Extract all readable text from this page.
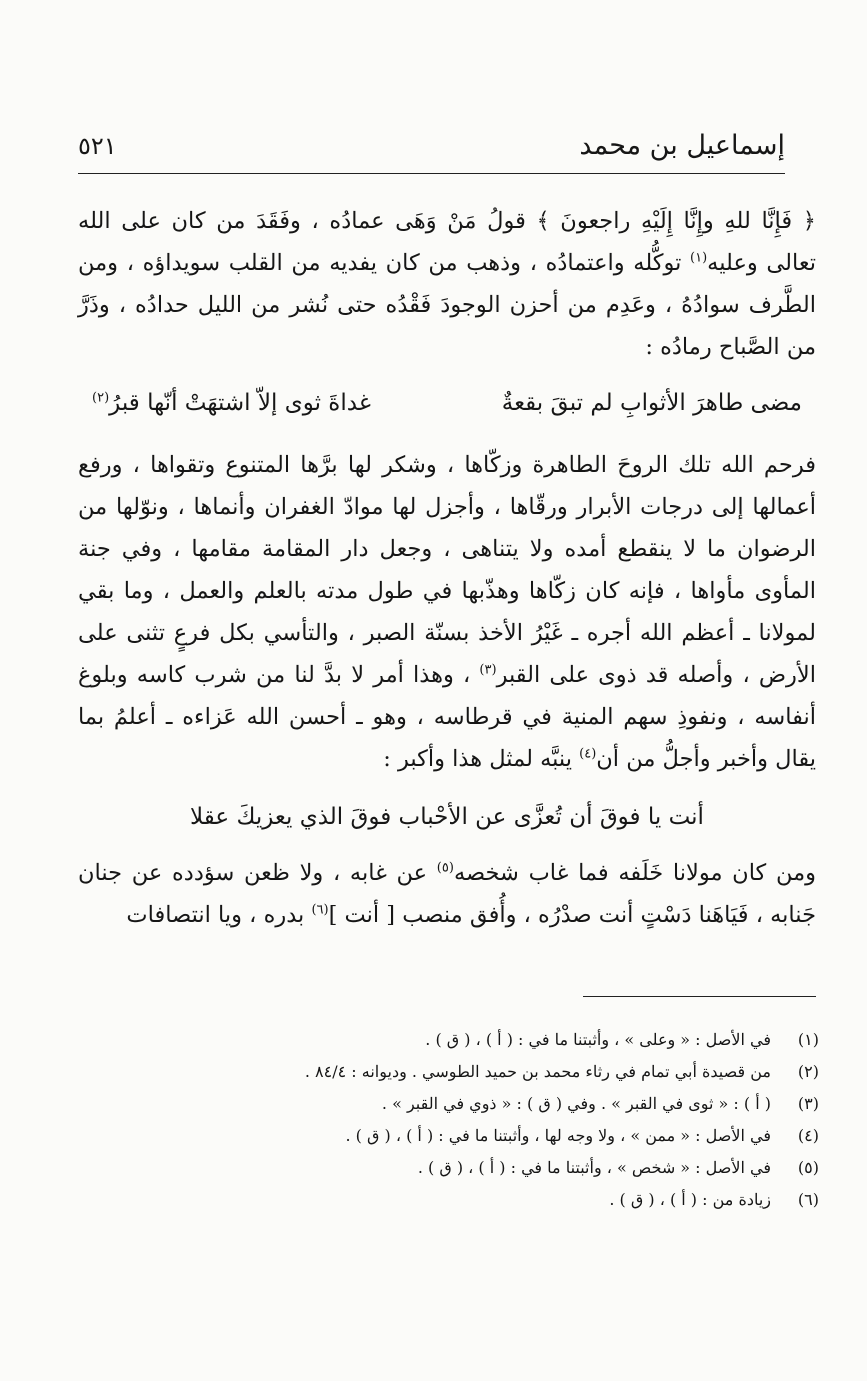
إسماعيل بن محمد
٥٢١
﴿ فَإِنَّا للهِ وإِنَّا إِلَيْهِ راجعونَ ﴾ قولُ مَنْ وَهَى عمادُه ، وفَقَدَ من كان على الله تعالى وعليه$^{(١)}$ توكُّله واعتمادُه ، وذهب من كان يفديه من القلب سويداؤه ، ومن الطَّرف سوادُهُ ، وعَدِم من أحزن الوجودَ فَقْدُه حتى نُشر من الليل حدادُه ، وذَرَّ من الصَّباح رمادُه :
مضى طاهرَ الأثوابِ لم تبقَ بقعةٌ
غداةَ ثوى إلاّ اشتهَتْ أنّها قبرُ$^{(٢)}$
فرحم الله تلك الروحَ الطاهرة وزكّاها ، وشكر لها برَّها المتنوع وتقواها ، ورفع أعمالها إلى درجات الأبرار ورقّاها ، وأجزل لها موادّ الغفران وأنماها ، ونوّلها من الرضوان ما لا ينقطع أمده ولا يتناهى ، وجعل دار المقامة مقامها ، وفي جنة المأوى مأواها ، فإنه كان زكّاها وهذّبها في طول مدته بالعلم والعمل ، وما بقي لمولانا ـ أعظم الله أجره ـ غَيْرُ الأخذ بسنّة الصبر ، والتأسي بكل فرعٍ تثنى على الأرض ، وأصله قد ذوى على القبر$^{(٣)}$ ، وهذا أمر لا بدَّ لنا من شرب كاسه وبلوغ أنفاسه ، ونفوذِ سهم المنية في قرطاسه ، وهو ـ أحسن الله عَزاءه ـ أعلمُ بما يقال وأخبر وأجلُّ من أن$^{(٤)}$ ينبَّه لمثل هذا وأكبر :
أنت يا فوقَ أن تُعزَّى عن الأحْباب فوقَ الذي يعزيكَ عقلا
ومن كان مولانا خَلَفه فما غاب شخصه$^{(٥)}$ عن غابه ، ولا ظعن سؤدده عن جنان جَنابه ، فَيَاهَنا دَسْتٍ أنت صدْرُه ، وأُفق منصب [ أنت ]$^{(٦)}$ بدره ، ويا انتصافات
(١)
في الأصل : « وعلى » ، وأثبتنا ما في : ( أ ) ، ( ق ) .
(٢)
من قصيدة أبي تمام في رثاء محمد بن حميد الطوسي . وديوانه : ٨٤/٤ .
(٣)
( أ ) : « ثوى في القبر » . وفي ( ق ) : « ذوي في القبر » .
(٤)
في الأصل : « ممن » ، ولا وجه لها ، وأثبتنا ما في : ( أ ) ، ( ق ) .
(٥)
في الأصل : « شخص » ، وأثبتنا ما في : ( أ ) ، ( ق ) .
(٦)
زيادة من : ( أ ) ، ( ق ) .
